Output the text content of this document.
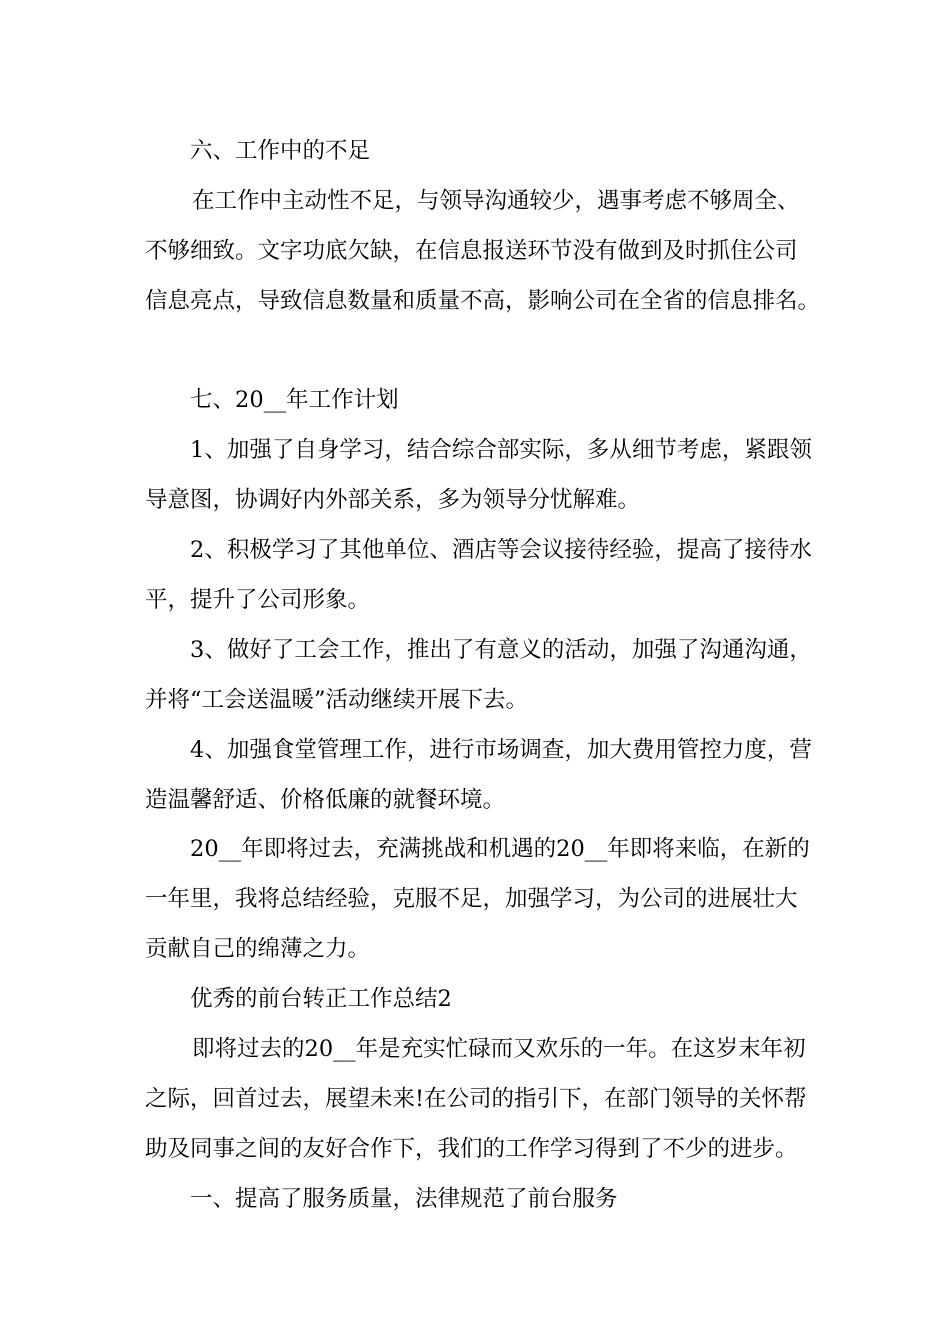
六、工作中的不足
在工作中主动性不足，与领导沟通较少，遇事考虑不够周全、
不够细致。文字功底欠缺，在信息报送环节没有做到及时抓住公司
信息亮点，导致信息数量和质量不高，影响公司在全省的信息排名。
七、20__年工作计划
1、加强了自身学习，结合综合部实际，多从细节考虑，紧跟领
导意图，协调好内外部关系，多为领导分忧解难。
2、积极学习了其他单位、酒店等会议接待经验，提高了接待水
平，提升了公司形象。
3、做好了工会工作，推出了有意义的活动，加强了沟通沟通，
并将“工会送温暖”活动继续开展下去。
4、加强食堂管理工作，进行市场调查，加大费用管控力度，营
造温馨舒适、价格低廉的就餐环境。
20__年即将过去，充满挑战和机遇的20__年即将来临，在新的
一年里，我将总结经验，克服不足，加强学习，为公司的进展壮大
贡献自己的绵薄之力。
优秀的前台转正工作总结2
即将过去的20__年是充实忙碌而又欢乐的一年。在这岁末年初
之际，回首过去，展望未来!在公司的指引下，在部门领导的关怀帮
助及同事之间的友好合作下，我们的工作学习得到了不少的进步。
一、提高了服务质量，法律规范了前台服务
